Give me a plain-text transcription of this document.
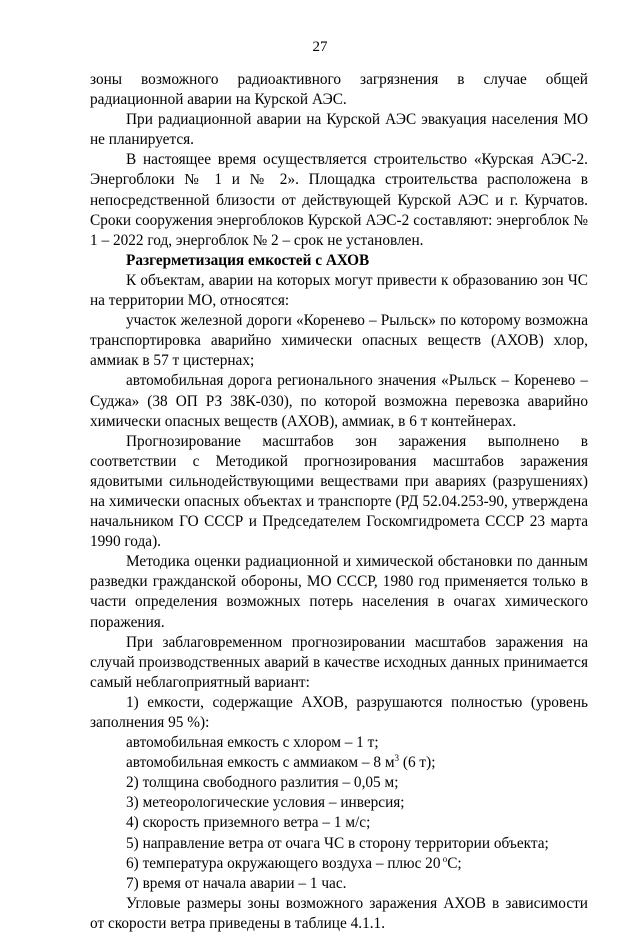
27

зоны возможного радиоактивного загрязнения в случае общей радиационной аварии на Курской АЭС.

При радиационной аварии на Курской АЭС эвакуация населения МО не планируется.

В настоящее время осуществляется строительство «Курская АЭС-2. Энергоблоки № 1 и № 2». Площадка строительства расположена в непосредственной близости от действующей Курской АЭС и г. Курчатов. Сроки сооружения энергоблоков Курской АЭС-2 составляют: энергоблок № 1 – 2022 год, энергоблок № 2 – срок не установлен.

Разгерметизация емкостей с АХОВ

К объектам, аварии на которых могут привести к образованию зон ЧС на территории МО, относятся:

участок железной дороги «Коренево – Рыльск» по которому возможна транспортировка аварийно химически опасных веществ (АХОВ) хлор, аммиак в 57 т цистернах;

автомобильная дорога регионального значения «Рыльск – Коренево – Суджа» (38 ОП РЗ 38К-030), по которой возможна перевозка аварийно химически опасных веществ (АХОВ), аммиак, в 6 т контейнерах.

Прогнозирование масштабов зон заражения выполнено в соответствии с Методикой прогнозирования масштабов заражения ядовитыми сильнодействующими веществами при авариях (разрушениях) на химически опасных объектах и транспорте (РД 52.04.253-90, утверждена начальником ГО СССР и Председателем Госкомгидромета СССР 23 марта 1990 года).

Методика оценки радиационной и химической обстановки по данным разведки гражданской обороны, МО СССР, 1980 год применяется только в части определения возможных потерь населения в очагах химического поражения.

При заблаговременном прогнозировании масштабов заражения на случай производственных аварий в качестве исходных данных принимается самый неблагоприятный вариант:

1) емкости, содержащие АХОВ, разрушаются полностью (уровень заполнения 95 %):

автомобильная емкость с хлором – 1 т;

автомобильная емкость с аммиаком – 8 $м^3$ (6 т);

2) толщина свободного разлития – 0,05 м;

3) метеорологические условия – инверсия;

4) скорость приземного ветра – 1 м/с;

5) направление ветра от очага ЧС в сторону территории объекта;

6) температура окружающего воздуха – плюс 20 $^о$С;

7) время от начала аварии – 1 час.

Угловые размеры зоны возможного заражения АХОВ в зависимости от скорости ветра приведены в таблице 4.1.1.
